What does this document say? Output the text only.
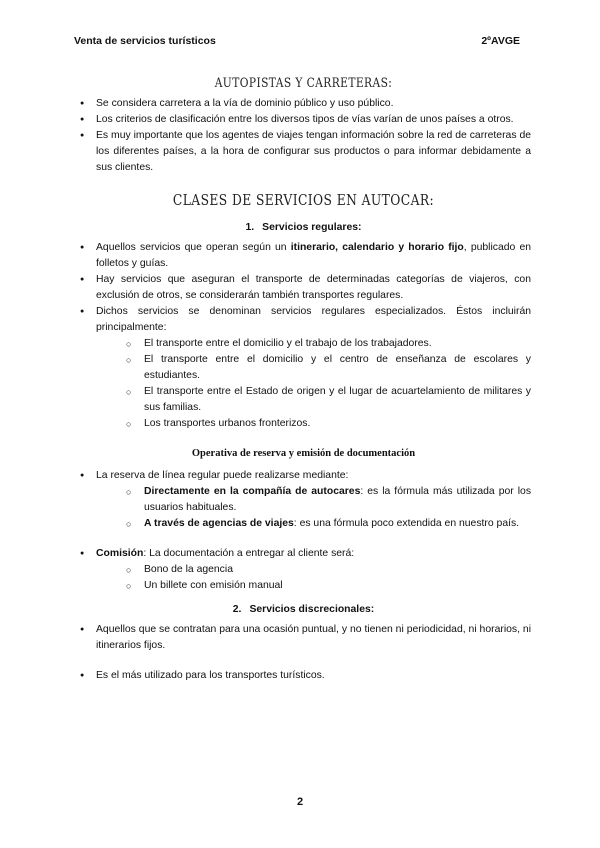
Venta de servicios turísticos	2ºAVGE
AUTOPISTAS Y CARRETERAS:
● Se considera carretera a la vía de dominio público y uso público.
● Los criterios de clasificación entre los diversos tipos de vías varían de unos países a otros.
● Es muy importante que los agentes de viajes tengan información sobre la red de carreteras de los diferentes países, a la hora de configurar sus productos o para informar debidamente a sus clientes.
CLASES DE SERVICIOS EN AUTOCAR:
1. Servicios regulares:
● Aquellos servicios que operan según un itinerario, calendario y horario fijo, publicado en folletos y guías.
● Hay servicios que aseguran el transporte de determinadas categorías de viajeros, con exclusión de otros, se considerarán también transportes regulares.
● Dichos servicios se denominan servicios regulares especializados. Éstos incluirán principalmente:
○ El transporte entre el domicilio y el trabajo de los trabajadores.
○ El transporte entre el domicilio y el centro de enseñanza de escolares y estudiantes.
○ El transporte entre el Estado de origen y el lugar de acuartelamiento de militares y sus familias.
○ Los transportes urbanos fronterizos.
Operativa de reserva y emisión de documentación
● La reserva de línea regular puede realizarse mediante:
○ Directamente en la compañía de autocares: es la fórmula más utilizada por los usuarios habituales.
○ A través de agencias de viajes: es una fórmula poco extendida en nuestro país.
● Comisión: La documentación a entregar al cliente será:
○ Bono de la agencia
○ Un billete con emisión manual
2. Servicios discrecionales:
● Aquellos que se contratan para una ocasión puntual, y no tienen ni periodicidad, ni horarios, ni itinerarios fijos.
● Es el más utilizado para los transportes turísticos.
2
